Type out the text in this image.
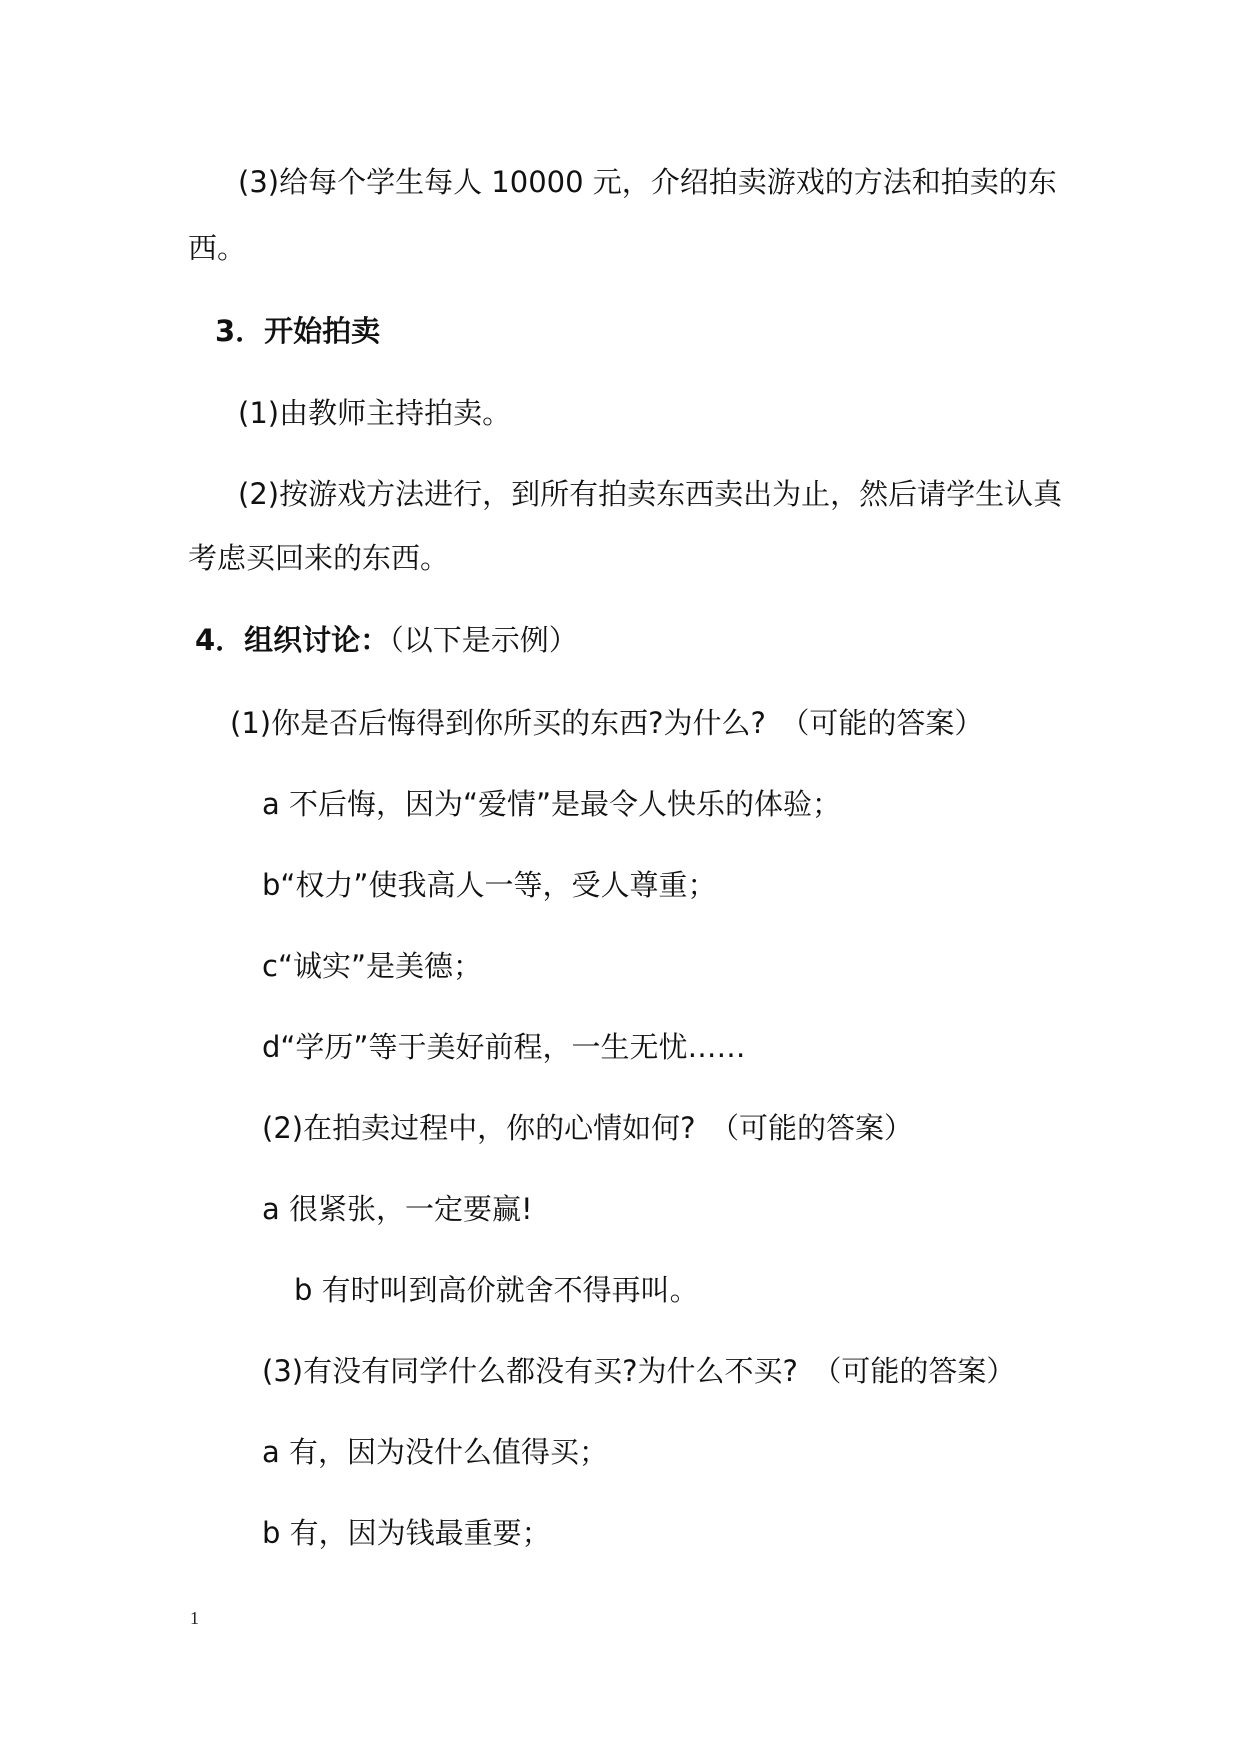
(3)给每个学生每人 10000 元，介绍拍卖游戏的方法和拍卖的东
西。
3．开始拍卖
(1)由教师主持拍卖。
(2)按游戏方法进行，到所有拍卖东西卖出为止，然后请学生认真
考虑买回来的东西。
4．组织讨论：（以下是示例）
(1)你是否后悔得到你所买的东西?为什么?　（可能的答案）
a 不后悔，因为“爱情”是最令人快乐的体验；
b“权力”使我高人一等，受人尊重；
c“诚实”是美德；
d“学历”等于美好前程，一生无忧……
(2)在拍卖过程中，你的心情如何?　（可能的答案）
a 很紧张，一定要赢!
b 有时叫到高价就舍不得再叫。
(3)有没有同学什么都没有买?为什么不买?　（可能的答案）
a 有，因为没什么值得买；
b 有，因为钱最重要；
1
